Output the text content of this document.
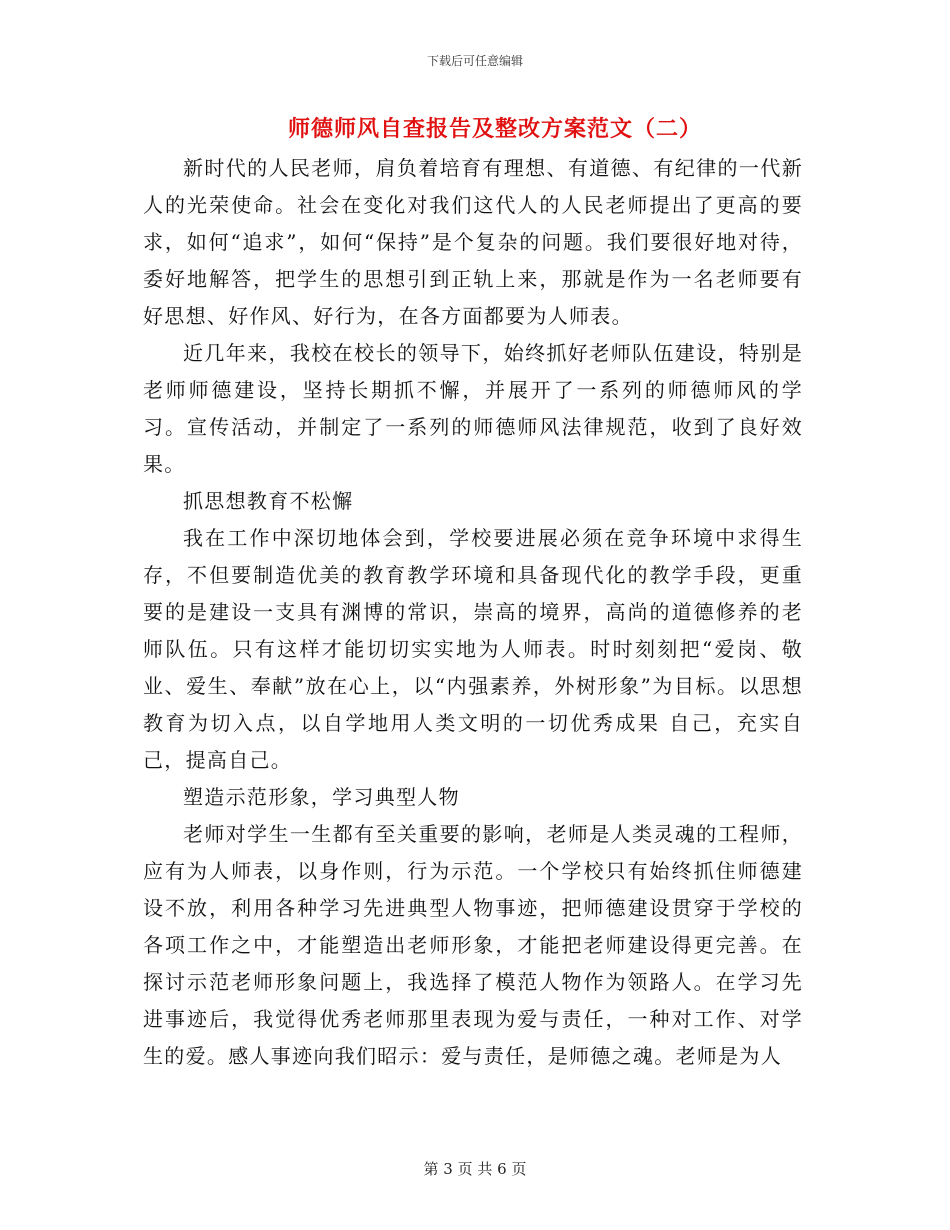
下载后可任意编辑
师德师风自查报告及整改方案范文（二）

新时代的人民老师，肩负着培育有理想、有道德、有纪律的一代新人的光荣使命。社会在变化对我们这代人的人民老师提出了更高的要求，如何“追求”，如何“保持”是个复杂的问题。我们要很好地对待，委好地解答，把学生的思想引到正轨上来，那就是作为一名老师要有好思想、好作风、好行为，在各方面都要为人师表。

近几年来，我校在校长的领导下，始终抓好老师队伍建设，特别是老师师德建设，坚持长期抓不懈，并展开了一系列的师德师风的学习。宣传活动，并制定了一系列的师德师风法律规范，收到了良好效果。

抓思想教育不松懈

我在工作中深切地体会到，学校要进展必须在竞争环境中求得生存，不但要制造优美的教育教学环境和具备现代化的教学手段，更重要的是建设一支具有渊博的常识，崇高的境界，高尚的道德修养的老师队伍。只有这样才能切切实实地为人师表。时时刻刻把“爱岗、敬业、爱生、奉献”放在心上，以“内强素养，外树形象”为目标。以思想教育为切入点，以自学地用人类文明的一切优秀成果 自己，充实自己，提高自己。

塑造示范形象，学习典型人物

老师对学生一生都有至关重要的影响，老师是人类灵魂的工程师，应有为人师表，以身作则，行为示范。一个学校只有始终抓住师德建设不放，利用各种学习先进典型人物事迹，把师德建设贯穿于学校的各项工作之中，才能塑造出老师形象，才能把老师建设得更完善。在探讨示范老师形象问题上，我选择了模范人物作为领路人。在学习先进事迹后，我觉得优秀老师那里表现为爱与责任，一种对工作、对学生的爱。感人事迹向我们昭示：爱与责任，是师德之魂。老师是为人

第 3 页 共 6 页
